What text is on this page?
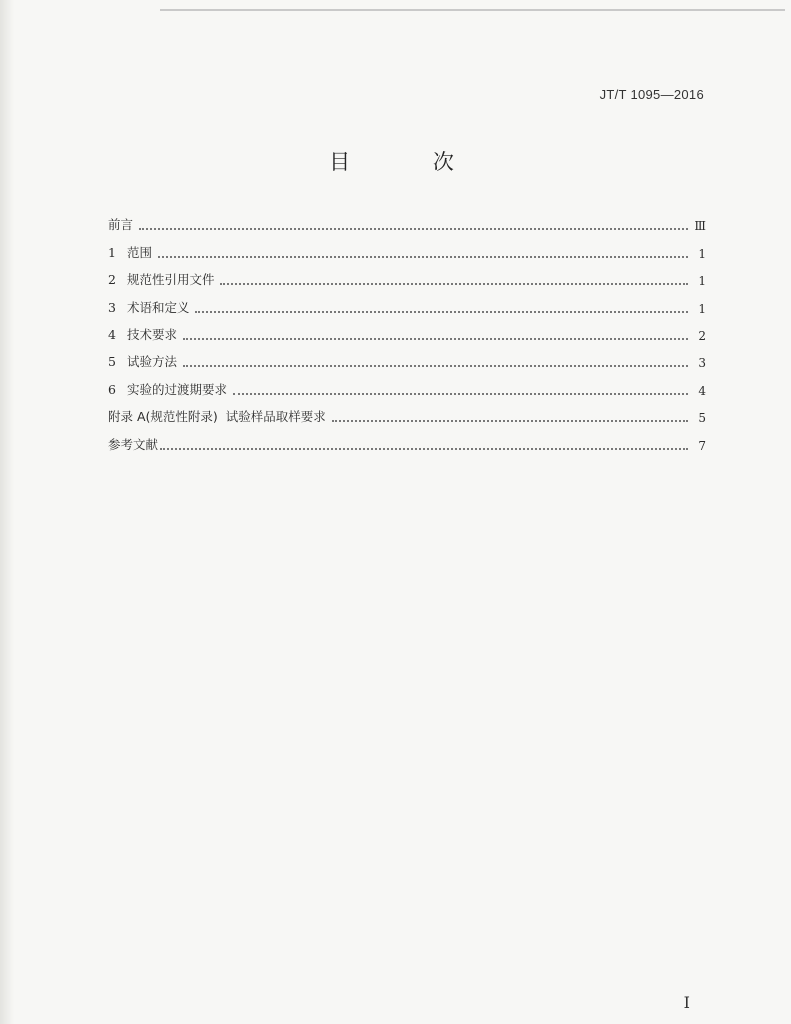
JT/T 1095—2016
目 次
前言	Ⅲ
1 范围	1
2 规范性引用文件	1
3 术语和定义	1
4 技术要求	2
5 试验方法	3
6 实验的过渡期要求	4
附录 A(规范性附录)  试验样品取样要求	5
参考文献	7
I
